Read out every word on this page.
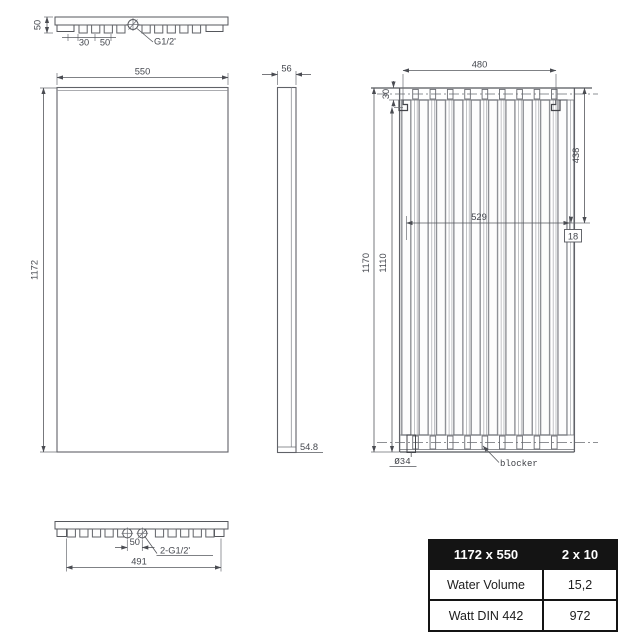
G1/2'
50
30 50
1172
550	56
54.8
480
30
438
529
18
1170 1110
Ø34	blocker
50
2-G1/2'
491	1172 x 550	2 x 10
Water Volume	15,2
Watt DIN 442	972
